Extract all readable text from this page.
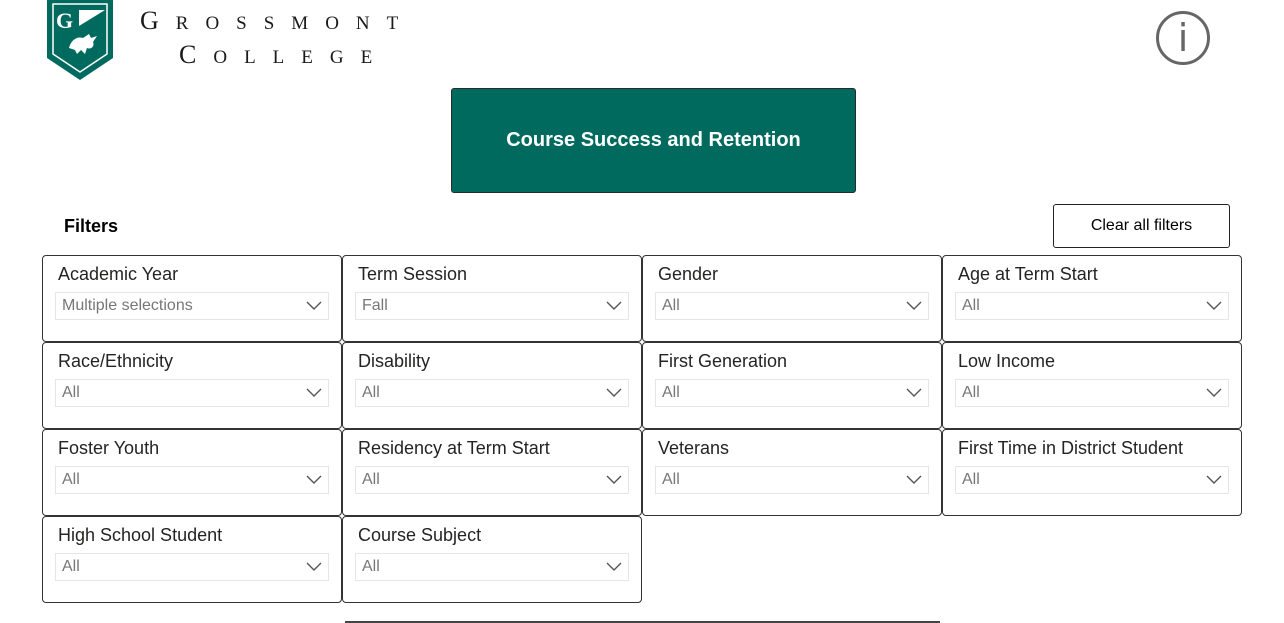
G	GROSSMONT
COLLEGE	i
Course Success and Retention
Filters	Clear all filters
Academic Year
Multiple selections
Term Session
Fall
Gender
All
Age at Term Start
All
Race/Ethnicity
All
Disability
All
First Generation
All
Low Income
All
Foster Youth
All
Residency at Term Start
All
Veterans
All
First Time in District Student
All
High School Student
All
Course Subject
All
